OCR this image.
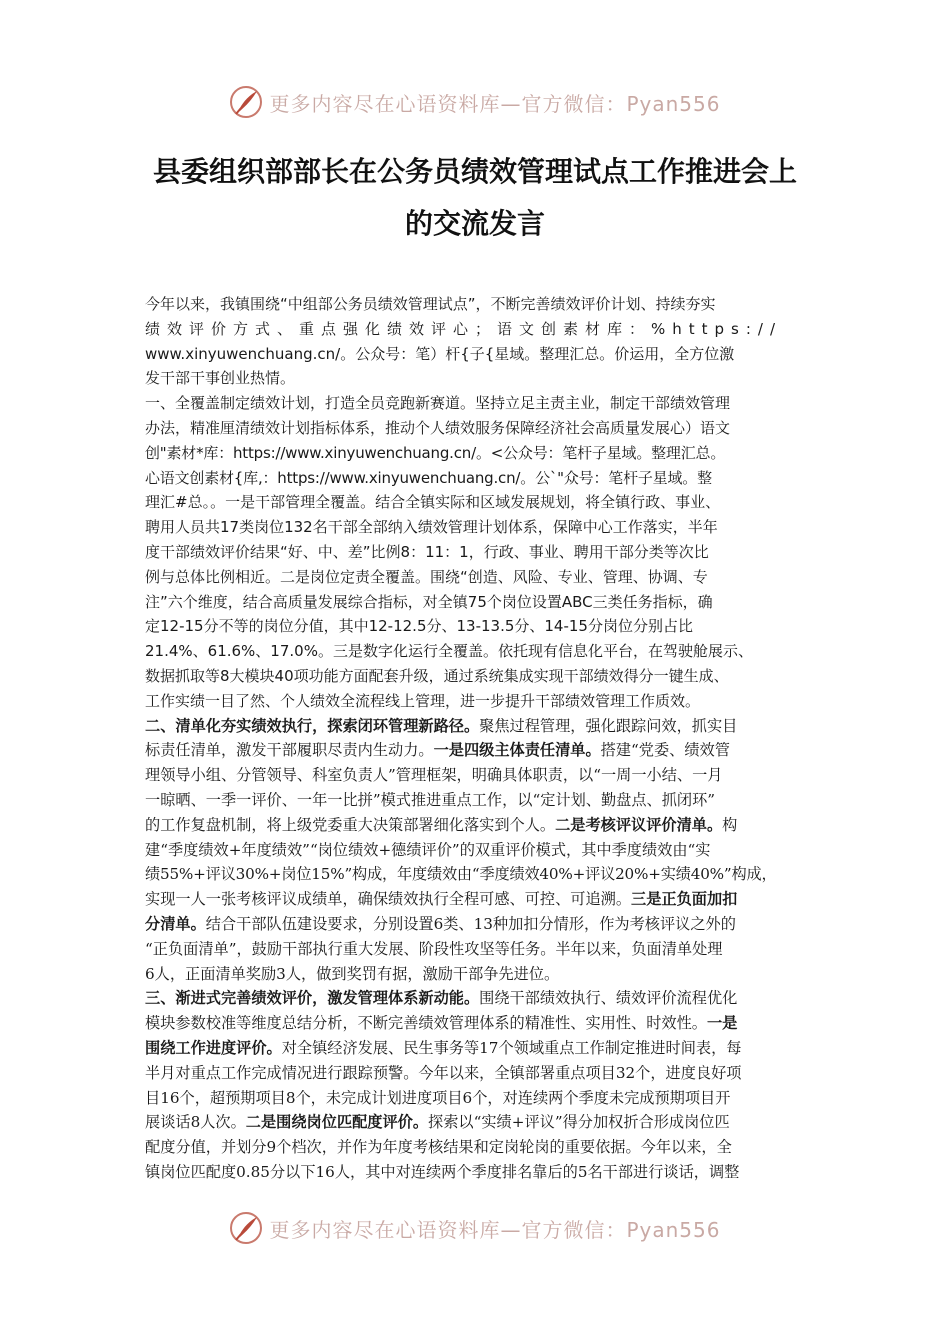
更多内容尽在心语资料库—官方微信：Pyan556
县委组织部部长在公务员绩效管理试点工作推进会上
的交流发言

今年以来，我镇围绕“中组部公务员绩效管理试点”，不断完善绩效评价计划、持续夯实

绩效评价方式、重点强化绩效评心；语文创素材库：%https://

www.xinyuwenchuang.cn/。公众号：笔）杆{子{星域。整理汇总。价运用，全方位激

发干部干事创业热情。

一、全覆盖制定绩效计划，打造全员竞跑新赛道。坚持立足主责主业，制定干部绩效管理

办法，精准厘清绩效计划指标体系，推动个人绩效服务保障经济社会高质量发展心）语文

创"素材*库：https://www.xinyuwenchuang.cn/。<公众号：笔杆子星域。整理汇总。

心语文创素材{库,：https://www.xinyuwenchuang.cn/。公`"众号：笔杆子星域。整

理汇#总。。一是干部管理全覆盖。结合全镇实际和区域发展规划，将全镇行政、事业、

聘用人员共17类岗位132名干部全部纳入绩效管理计划体系，保障中心工作落实，半年

度干部绩效评价结果“好、中、差”比例8：11：1，行政、事业、聘用干部分类等次比

例与总体比例相近。二是岗位定责全覆盖。围绕“创造、风险、专业、管理、协调、专

注”六个维度，结合高质量发展综合指标，对全镇75个岗位设置ABC三类任务指标，确

定12-15分不等的岗位分值，其中12-12.5分、13-13.5分、14-15分岗位分别占比

21.4%、61.6%、17.0%。三是数字化运行全覆盖。依托现有信息化平台，在驾驶舱展示、

数据抓取等8大模块40项功能方面配套升级，通过系统集成实现干部绩效得分一键生成、

工作实绩一目了然、个人绩效全流程线上管理，进一步提升干部绩效管理工作质效。

二、清单化夯实绩效执行，探索闭环管理新路径。聚焦过程管理，强化跟踪问效，抓实目

标责任清单，激发干部履职尽责内生动力。一是四级主体责任清单。搭建“党委、绩效管

理领导小组、分管领导、科室负责人”管理框架，明确具体职责，以“一周一小结、一月

一晾晒、一季一评价、一年一比拼”模式推进重点工作，以“定计划、勤盘点、抓闭环”

的工作复盘机制，将上级党委重大决策部署细化落实到个人。二是考核评议评价清单。构

建“季度绩效+年度绩效”“岗位绩效+德绩评价”的双重评价模式，其中季度绩效由“实

绩55%+评议30%+岗位15%”构成，年度绩效由“季度绩效40%+评议20%+实绩40%”构成，

实现一人一张考核评议成绩单，确保绩效执行全程可感、可控、可追溯。三是正负面加扣

分清单。结合干部队伍建设要求，分别设置6类、13种加扣分情形，作为考核评议之外的

“正负面清单”，鼓励干部执行重大发展、阶段性攻坚等任务。半年以来，负面清单处理

6人，正面清单奖励3人，做到奖罚有据，激励干部争先进位。

三、渐进式完善绩效评价，激发管理体系新动能。围绕干部绩效执行、绩效评价流程优化

模块参数校准等维度总结分析，不断完善绩效管理体系的精准性、实用性、时效性。一是

围绕工作进度评价。对全镇经济发展、民生事务等17个领域重点工作制定推进时间表，每

半月对重点工作完成情况进行跟踪预警。今年以来，全镇部署重点项目32个，进度良好项

目16个，超预期项目8个，未完成计划进度项目6个，对连续两个季度未完成预期项目开

展谈话8人次。二是围绕岗位匹配度评价。探索以“实绩+评议”得分加权折合形成岗位匹

配度分值，并划分9个档次，并作为年度考核结果和定岗轮岗的重要依据。今年以来，全

镇岗位匹配度0.85分以下16人，其中对连续两个季度排名靠后的5名干部进行谈话，调整

更多内容尽在心语资料库—官方微信：Pyan556
